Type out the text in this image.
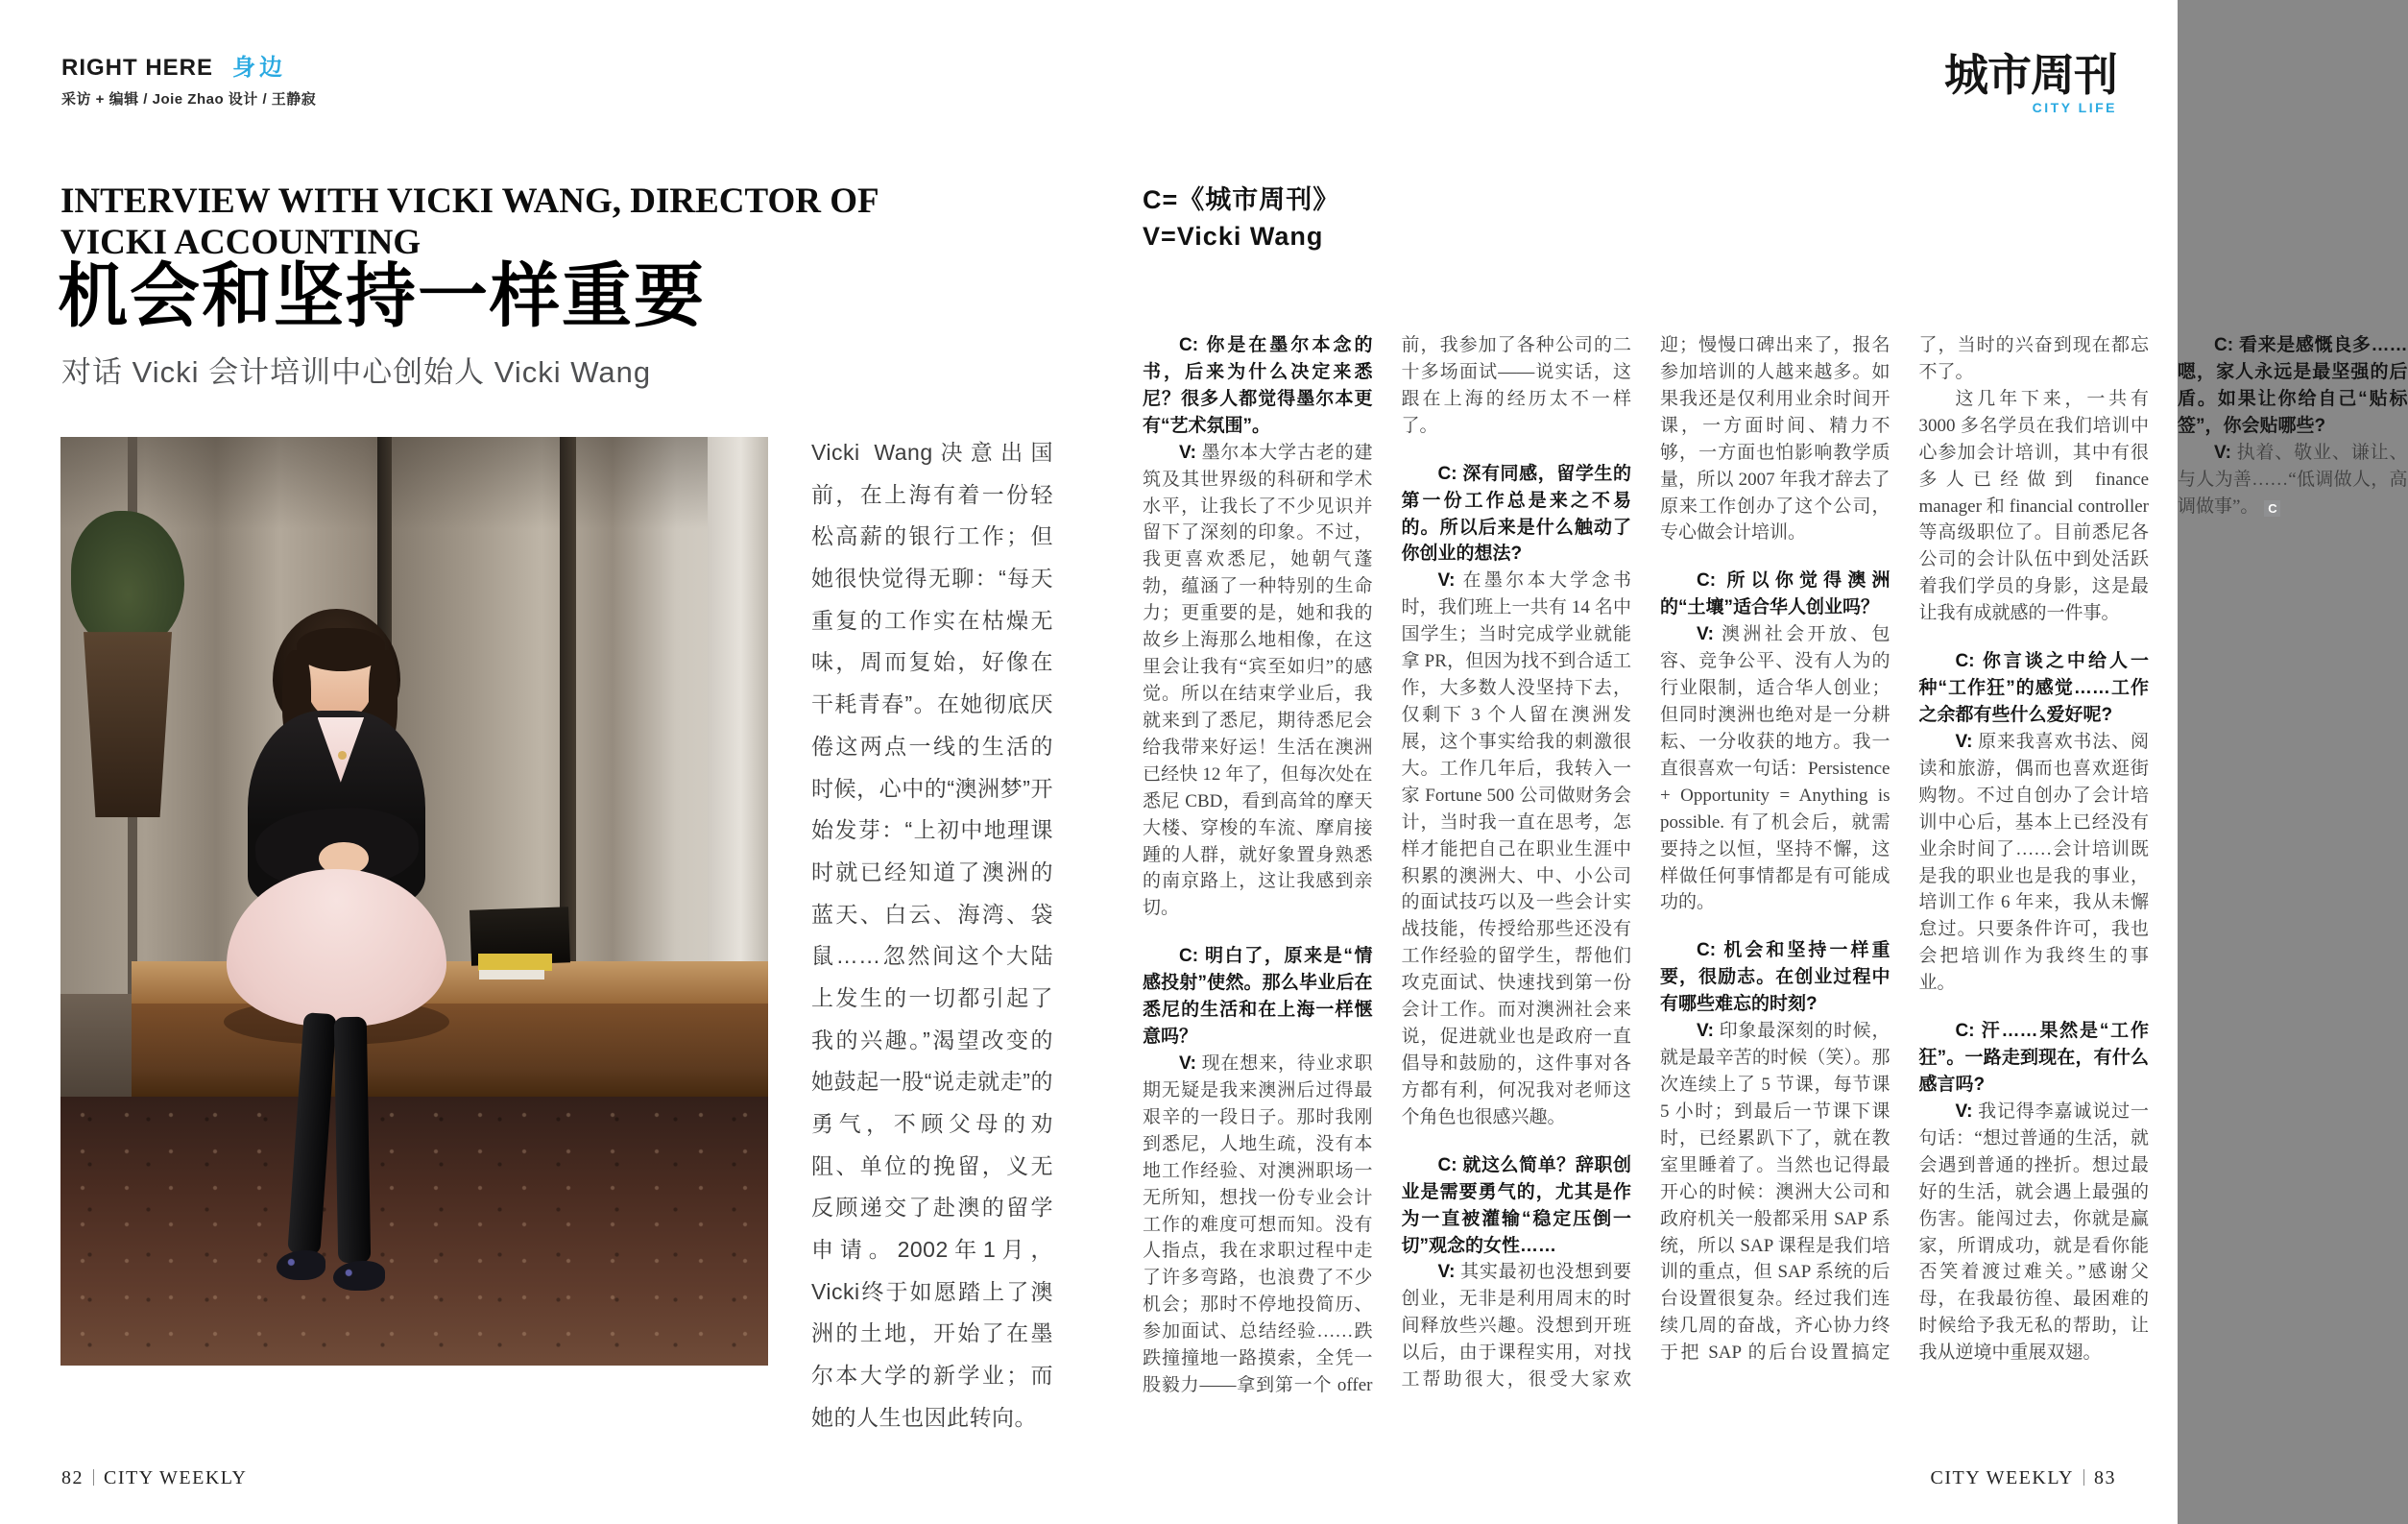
RIGHT HERE 身边
采访 + 编辑 / Joie Zhao 设计 / 王静寂	城市周刊
CITY LIFE
INTERVIEW WITH VICKI WANG, DIRECTOR OF VICKI ACCOUNTING
机会和坚持一样重要
对话 Vicki 会计培训中心创始人 Vicki Wang
Vicki Wang决意出国前，在上海有着一份轻松高薪的银行工作；但她很快觉得无聊：“每天重复的工作实在枯燥无味，周而复始，好像在干耗青春”。在她彻底厌倦这两点一线的生活的时候，心中的“澳洲梦”开始发芽：“上初中地理课时就已经知道了澳洲的蓝天、白云、海湾、袋鼠……忽然间这个大陆上发生的一切都引起了我的兴趣。”渴望改变的她鼓起一股“说走就走”的勇气，不顾父母的劝阻、单位的挽留，义无反顾递交了赴澳的留学申请。2002年1月，Vicki终于如愿踏上了澳洲的土地，开始了在墨尔本大学的新学业；而她的人生也因此转向。
C=《城市周刊》
V=Vicki Wang

C: 你是在墨尔本念的书，后来为什么决定来悉尼？很多人都觉得墨尔本更有“艺术氛围”。

V: 墨尔本大学古老的建筑及其世界级的科研和学术水平，让我长了不少见识并留下了深刻的印象。不过，我更喜欢悉尼，她朝气蓬勃，蕴涵了一种特别的生命力；更重要的是，她和我的故乡上海那么地相像，在这里会让我有“宾至如归”的感觉。所以在结束学业后，我就来到了悉尼，期待悉尼会给我带来好运！生活在澳洲已经快 12 年了，但每次处在悉尼 CBD，看到高耸的摩天大楼、穿梭的车流、摩肩接踵的人群，就好象置身熟悉的南京路上，这让我感到亲切。

C: 明白了，原来是“情感投射”使然。那么毕业后在悉尼的生活和在上海一样惬意吗？

V: 现在想来，待业求职期无疑是我来澳洲后过得最艰辛的一段日子。那时我刚到悉尼，人地生疏，没有本地工作经验、对澳洲职场一无所知，想找一份专业会计工作的难度可想而知。没有人指点，我在求职过程中走了许多弯路，也浪费了不少机会；那时不停地投简历、参加面试、总结经验……跌跌撞撞地一路摸索，全凭一股毅力——拿到第一个 offer 前，我参加了各种公司的二十多场面试——说实话，这跟在上海的经历太不一样了。

C: 深有同感，留学生的第一份工作总是来之不易的。所以后来是什么触动了你创业的想法?

V: 在墨尔本大学念书时，我们班上一共有 14 名中国学生；当时完成学业就能拿 PR，但因为找不到合适工作，大多数人没坚持下去，仅剩下 3 个人留在澳洲发展，这个事实给我的刺激很大。工作几年后，我转入一家 Fortune 500 公司做财务会计，当时我一直在思考，怎样才能把自己在职业生涯中积累的澳洲大、中、小公司的面试技巧以及一些会计实战技能，传授给那些还没有工作经验的留学生，帮他们攻克面试、快速找到第一份会计工作。而对澳洲社会来说，促进就业也是政府一直倡导和鼓励的，这件事对各方都有利，何况我对老师这个角色也很感兴趣。

C: 就这么简单？辞职创业是需要勇气的，尤其是作为一直被灌输“稳定压倒一切”观念的女性……

V: 其实最初也没想到要创业，无非是利用周末的时间释放些兴趣。没想到开班以后，由于课程实用，对找工帮助很大，很受大家欢迎；慢慢口碑出来了，报名参加培训的人越来越多。如果我还是仅利用业余时间开课，一方面时间、精力不够，一方面也怕影响教学质量，所以 2007 年我才辞去了原来工作创办了这个公司，专心做会计培训。

C: 所以你觉得澳洲的“土壤”适合华人创业吗？

V: 澳洲社会开放、包容、竞争公平、没有人为的行业限制，适合华人创业；但同时澳洲也绝对是一分耕耘、一分收获的地方。我一直很喜欢一句话：Persistence + Opportunity = Anything is possible. 有了机会后，就需要持之以恒，坚持不懈，这样做任何事情都是有可能成功的。

C: 机会和坚持一样重要，很励志。在创业过程中有哪些难忘的时刻?

V: 印象最深刻的时候，就是最辛苦的时候（笑）。那次连续上了 5 节课，每节课 5 小时；到最后一节课下课时，已经累趴下了，就在教室里睡着了。当然也记得最开心的时候：澳洲大公司和政府机关一般都采用 SAP 系统，所以 SAP 课程是我们培训的重点，但 SAP 系统的后台设置很复杂。经过我们连续几周的奋战，齐心协力终于把 SAP 的后台设置搞定了，当时的兴奋到现在都忘不了。

这几年下来，一共有 3000 多名学员在我们培训中心参加会计培训，其中有很多人已经做到 finance manager 和 financial controller 等高级职位了。目前悉尼各公司的会计队伍中到处活跃着我们学员的身影，这是最让我有成就感的一件事。

C: 你言谈之中给人一种“工作狂”的感觉……工作之余都有些什么爱好呢?

V: 原来我喜欢书法、阅读和旅游，偶而也喜欢逛街购物。不过自创办了会计培训中心后，基本上已经没有业余时间了……会计培训既是我的职业也是我的事业，培训工作 6 年来，我从未懈怠过。只要条件许可，我也会把培训作为我终生的事业。

C: 汗……果然是“工作狂”。一路走到现在，有什么感言吗?

V: 我记得李嘉诚说过一句话：“想过普通的生活，就会遇到普通的挫折。想过最好的生活，就会遇上最强的伤害。能闯过去，你就是赢家，所谓成功，就是看你能否笑着渡过难关。”感谢父母，在我最彷徨、最困难的时候给予我无私的帮助，让我从逆境中重展双翅。

C: 看来是感慨良多……嗯，家人永远是最坚强的后盾。如果让你给自己“贴标签”，你会贴哪些?

V: 执着、敬业、谦让、与人为善……“低调做人，高调做事”。 C

82 CITY WEEKLY	CITY WEEKLY 83
